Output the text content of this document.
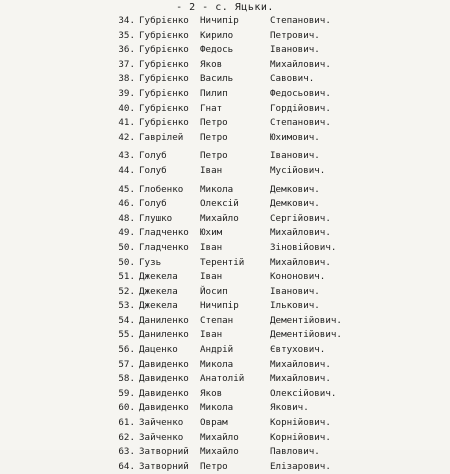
- 2 - с. Яцьки.
34. Губрієнко Ничипір	Степанович.
35. Губрієнко Кирило	Петрович.
36. Губрієнко Федось	Іванович.
37. Губрієнко Яков	Михайлович.
38. Губрієнко Василь	Савович.
39. Губрієнко Пилип	Федосьович.
40. Губрієнко Гнат	Гордійович.
41. Губрієнко Петро	Степанович.
42. Гаврілей Петро	Юхимович.
43. Голуб	Петро	Іванович.
44. Голуб	Іван	Мусійович.
45. Глобенко Микола	Демкович.
46. Голуб	Олексій	Демкович.
48. Глушко	Михайло	Сергійович.
49. Гладченко Юхим	Михайлович.
50. Гладченко Іван	Зіновійович.
50. Гузь	Терентій	Михайлович.
51. Джекела Іван	Кононович.
52. Джекела Йосип	Іванович.
53. Джекела Ничипір	Ількович.
54. Даниленко Степан	Дементійович.
55. Даниленко Іван	Дементійович.
56. Даценко Андрій	Євтухович.
57. Давиденко Микола	Михайлович.
58. Давиденко Анатолій	Михайлович.
59. Давиденко Яков	Олексійович.
60. Давиденко Микола	Якович.
61. Зайченко Оврам	Корнійович.
62. Зайченко Михайло	Корнійович.
63. Затворний Михайло	Павлович.
64. Затворний Петро	Елізарович.
